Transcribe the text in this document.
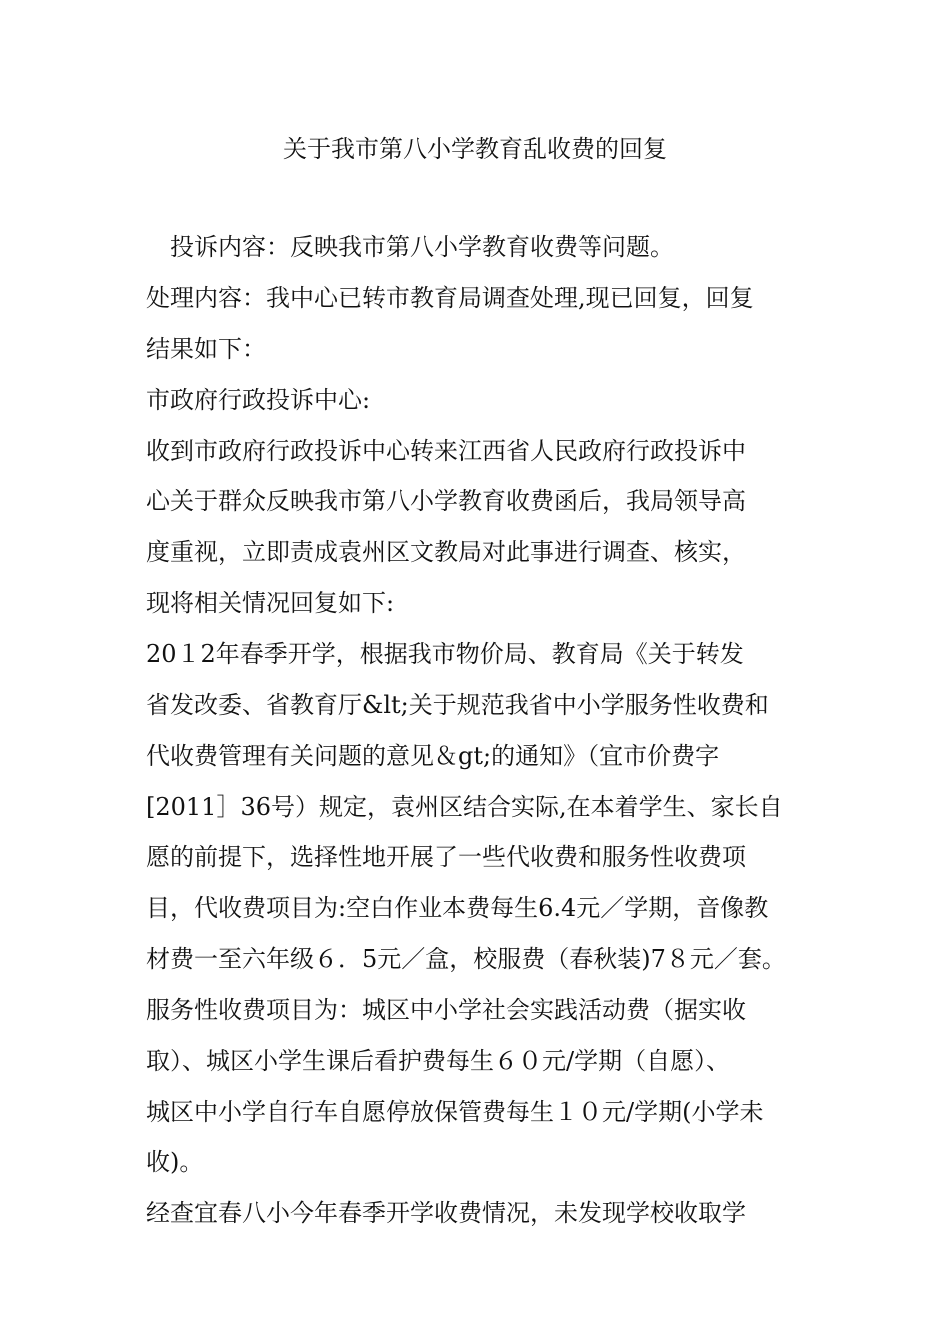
关于我市第八小学教育乱收费的回复
投诉内容：反映我市第八小学教育收费等问题。
处理内容：我中心已转市教育局调查处理,现已回复，回复
结果如下：
市政府行政投诉中心:
收到市政府行政投诉中心转来江西省人民政府行政投诉中
心关于群众反映我市第八小学教育收费函后，我局领导高
度重视，立即责成袁州区文教局对此事进行调查、核实，
现将相关情况回复如下:
20１2年春季开学，根据我市物价局、教育局《关于转发
省发改委、省教育厅&lt;关于规范我省中小学服务性收费和
代收费管理有关问题的意见＆gt;的通知》（宜市价费字
[2011］36号）规定，袁州区结合实际,在本着学生、家长自
愿的前提下，选择性地开展了一些代收费和服务性收费项
目，代收费项目为:空白作业本费每生6.4元／学期，音像教
材费一至六年级６．5元／盒，校服费（春秋装)7８元／套。
服务性收费项目为：城区中小学社会实践活动费（据实收
取）、城区小学生课后看护费每生６０元/学期（自愿）、
城区中小学自行车自愿停放保管费每生１０元/学期(小学未
收)。
经查宜春八小今年春季开学收费情况，未发现学校收取学
